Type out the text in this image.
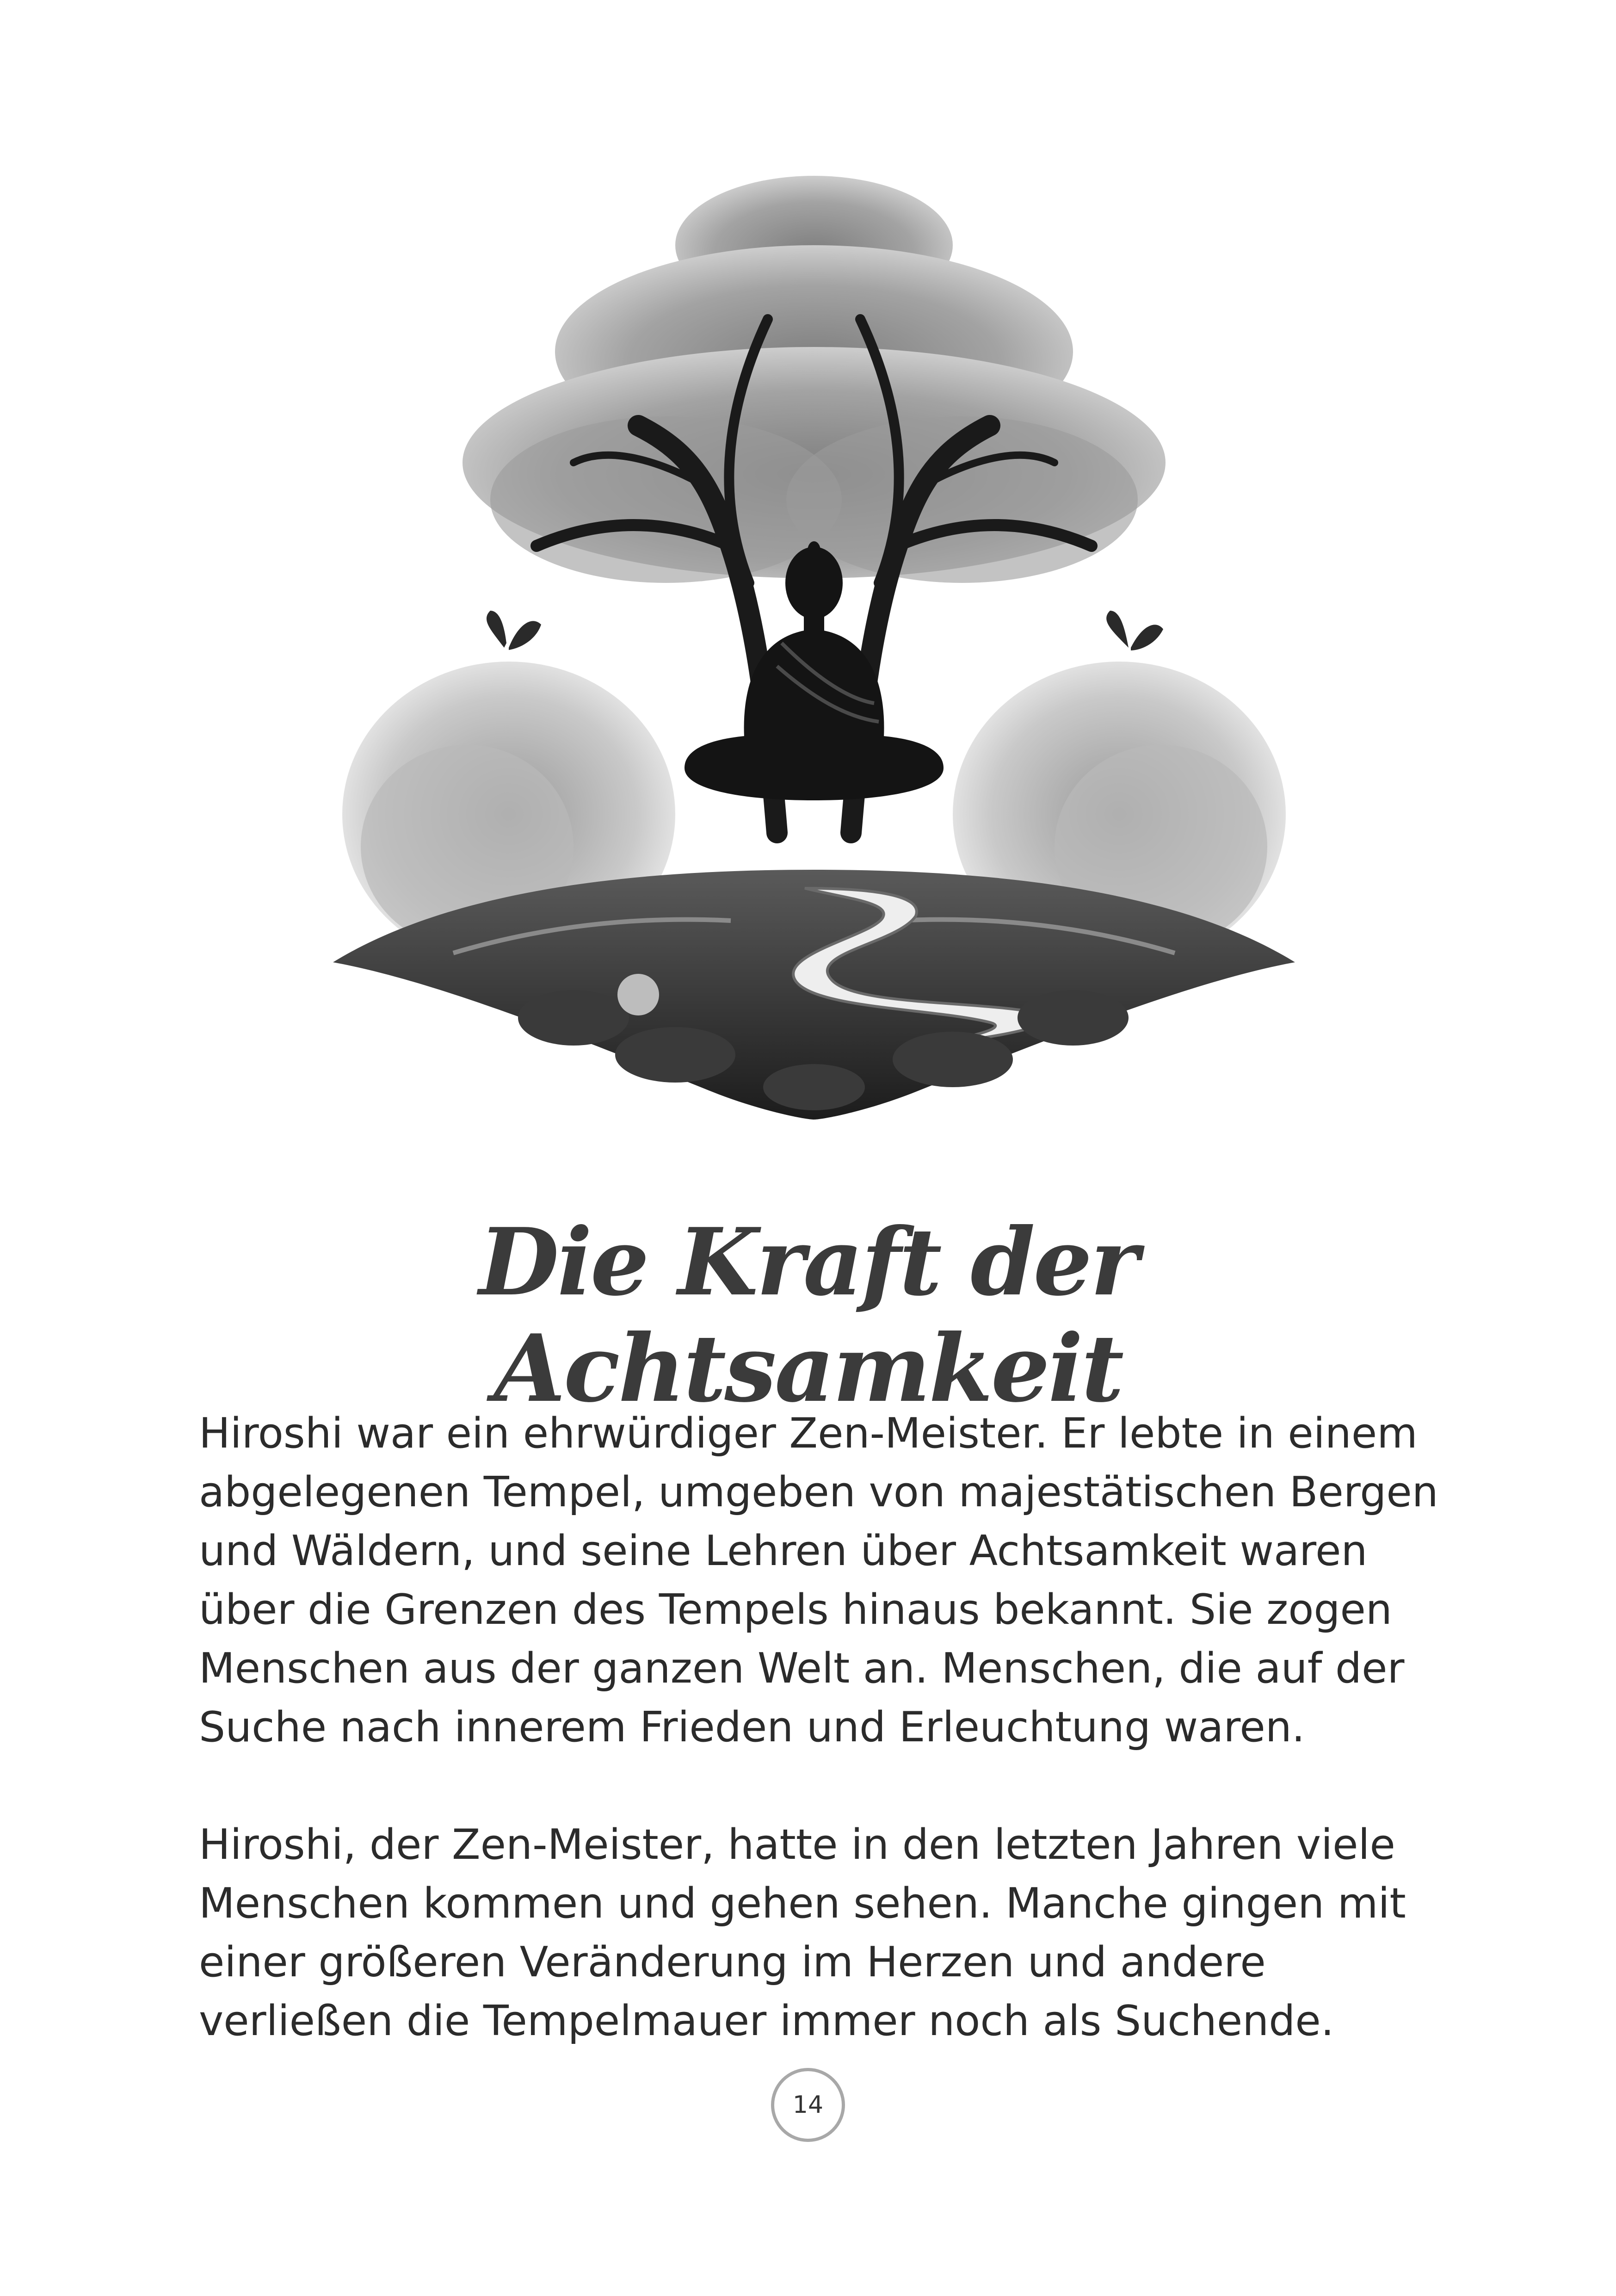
Die Kraft der
Achtsamkeit

Hiroshi war ein ehrwürdiger Zen-Meister. Er lebte in einem
abgelegenen Tempel, umgeben von majestätischen Bergen
und Wäldern, und seine Lehren über Achtsamkeit waren
über die Grenzen des Tempels hinaus bekannt. Sie zogen
Menschen aus der ganzen Welt an. Menschen, die auf der
Suche nach innerem Frieden und Erleuchtung waren.

Hiroshi, der Zen-Meister, hatte in den letzten Jahren viele
Menschen kommen und gehen sehen. Manche gingen mit
einer größeren Veränderung im Herzen und andere
verließen die Tempelmauer immer noch als Suchende.

14
